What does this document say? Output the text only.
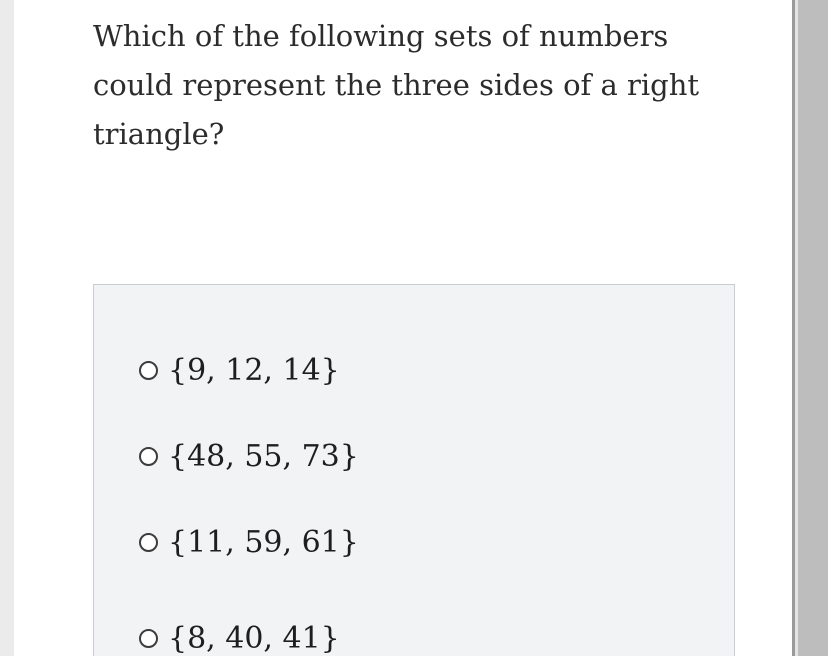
Which of the following sets of numbers could represent the three sides of a right triangle?

{9, 12, 14}
{48, 55, 73}
{11, 59, 61}
{8, 40, 41}
